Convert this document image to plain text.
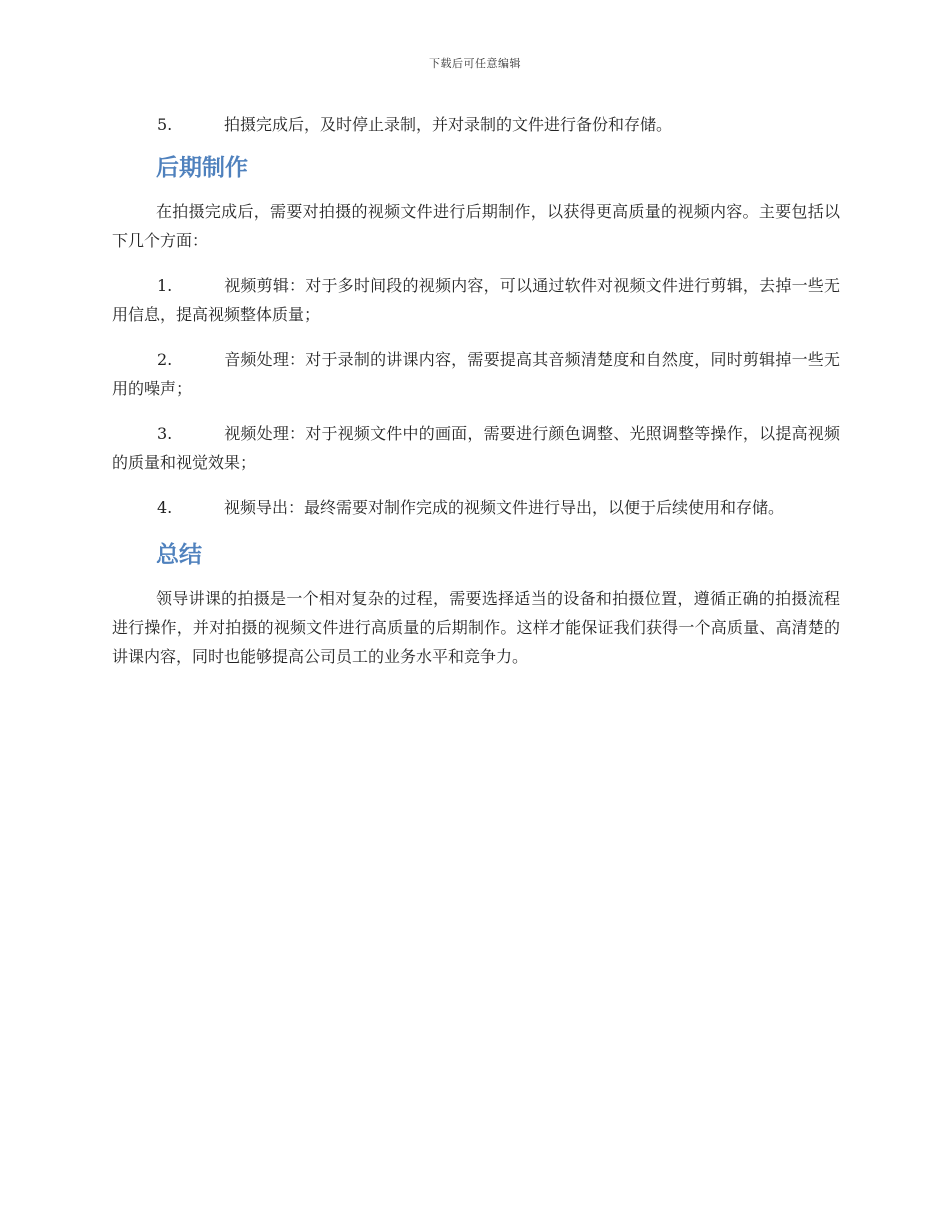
下载后可任意编辑

5.	拍摄完成后，及时停止录制，并对录制的文件进行备份和存储。

后期制作

在拍摄完成后，需要对拍摄的视频文件进行后期制作，以获得更高质量的视频内容。主要包括以下几个方面：

1.	视频剪辑：对于多时间段的视频内容，可以通过软件对视频文件进行剪辑，去掉一些无用信息，提高视频整体质量；

2.	音频处理：对于录制的讲课内容，需要提高其音频清楚度和自然度，同时剪辑掉一些无用的噪声；

3.	视频处理：对于视频文件中的画面，需要进行颜色调整、光照调整等操作，以提高视频的质量和视觉效果；

4.	视频导出：最终需要对制作完成的视频文件进行导出，以便于后续使用和存储。

总结

领导讲课的拍摄是一个相对复杂的过程，需要选择适当的设备和拍摄位置，遵循正确的拍摄流程进行操作，并对拍摄的视频文件进行高质量的后期制作。这样才能保证我们获得一个高质量、高清楚的讲课内容，同时也能够提高公司员工的业务水平和竞争力。
